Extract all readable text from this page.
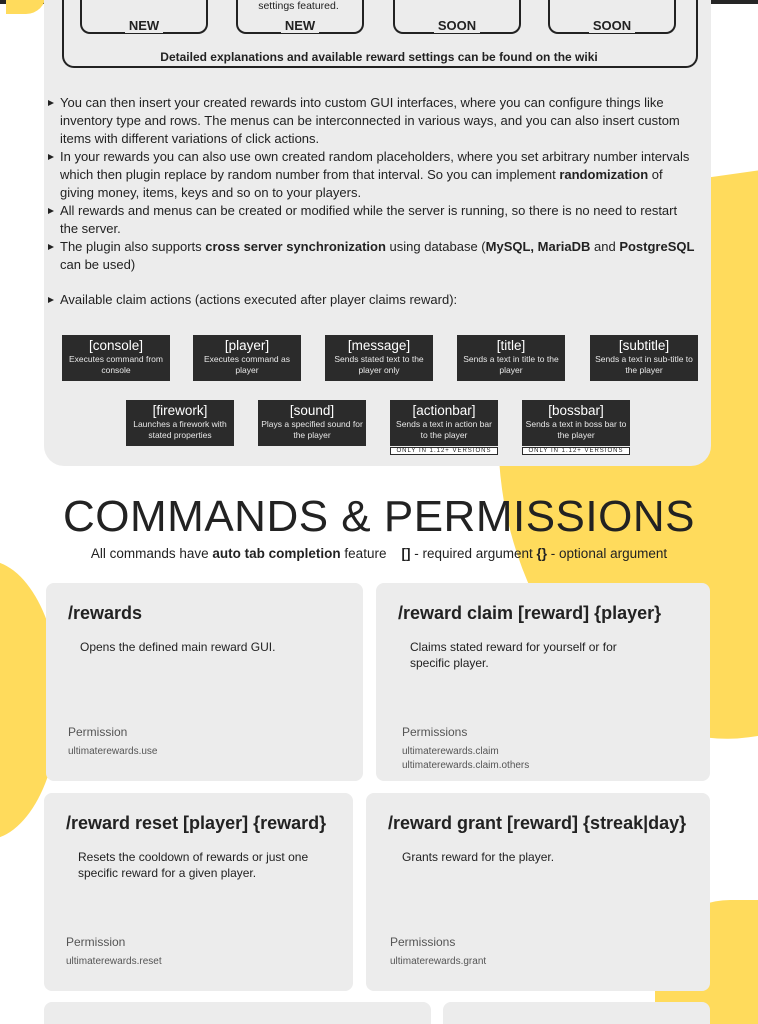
settings featured.
NEW	NEW	SOON	SOON
Detailed explanations and available reward settings can be found on the wiki
You can then insert your created rewards into custom GUI interfaces, where you can configure things like inventory type and rows. The menus can be interconnected in various ways, and you can also insert custom items with different variations of click actions.
In your rewards you can also use own created random placeholders, where you set arbitrary number intervals which then plugin replace by random number from that interval. So you can implement randomization of giving money, items, keys and so on to your players.
All rewards and menus can be created or modified while the server is running, so there is no need to restart the server.
The plugin also supports cross server synchronization using database (MySQL, MariaDB and PostgreSQL can be used)
Available claim actions (actions executed after player claims reward):
[console]
Executes command from console
[player]
Executes command as player
[message]
Sends stated text to the player only
[title]
Sends a text in title to the player
[subtitle]
Sends a text in sub-title to the player
[firework]
Launches a firework with stated properties
[sound]
Plays a specified sound for the player
[actionbar]
Sends a text in action bar to the player
ONLY IN 1.12+ VERSIONS
[bossbar]
Sends a text in boss bar to the player
ONLY IN 1.12+ VERSIONS
COMMANDS & PERMISSIONS
All commands have auto tab completion feature [] - required argument {} - optional argument
/rewards
Opens the defined main reward GUI.
Permission
ultimaterewards.use
/reward claim [reward] {player}
Claims stated reward for yourself or for specific player.
Permissions
ultimaterewards.claim
ultimaterewards.claim.others
/reward reset [player] {reward}
Resets the cooldown of rewards or just one specific reward for a given player.
Permission
ultimaterewards.reset
/reward grant [reward] {streak|day}
Grants reward for the player.
Permissions
ultimaterewards.grant
